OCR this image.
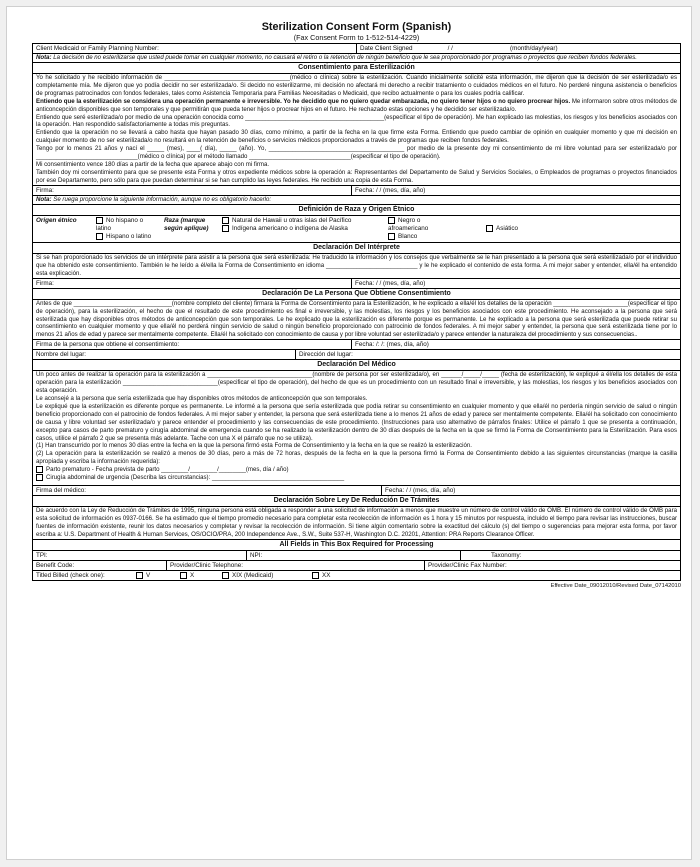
Sterilization Consent Form (Spanish)
(Fax Consent Form to 1-512-514-4229)
Client Medicaid or Family Planning Number:	Date Client Signed	/ /	(month/day/year)
Nota: La decisión de no esterilizarse que usted puede tomar en cualquier momento, no causará el retiro o la retención de ningún beneficio que le sea proporcionado por programas o proyectos que reciben fondos federales.
Consentimiento para Esterilización
Yo he solicitado y he recibido información de _____________________________________(médico o clínica) sobre la esterilización. Cuando inicialmente solicité esta información, me dijeron que la decisión de ser esterilizada/o es completamente mía. Me dijeron que yo podía decidir no ser esterilizada/o. Si decido no esterilizarme, mi decisión no afectará mi derecho a recibir tratamiento o cuidados médicos en el futuro. No perderé ninguna asistencia o beneficios de programas patrocinados con fondos federales, tales como Asistencia Temporaria para Familias Necesitadas o Medicaid, que recibo actualmente o para los cuales podría calificar.
Entiendo que la esterilización se considera una operación permanente e irreversible. Yo he decidido que no quiero quedar embarazada, no quiero tener hijos o no quiero procrear hijos. Me informaron sobre otros métodos de anticoncepción disponibles que son temporales y que permitirán que pueda tener hijos o procrear hijos en el futuro. He rechazado estas opciones y he decidido ser esterilizada/o.
Entiendo que seré esterilizada/o por medio de una operación conocida como _________________________________________(especificar el tipo de operación). Me han explicado las molestias, los riesgos y los beneficios asociados con la operación. Han respondido satisfactoriamente a todas mis preguntas.
Entiendo que la operación no se llevará a cabo hasta que hayan pasado 30 días, como mínimo, a partir de la fecha en la que firme esta Forma. Entiendo que puedo cambiar de opinión en cualquier momento y que mi decisión en cualquier momento de no ser esterilizada/o no resultará en la retención de beneficios o servicios médicos proporcionados a través de programas que reciben fondos federales.
Tengo por lo menos 21 años y nací el _____ (mes), ____( día), _____ (año). Yo, ________________________________________ por medio de la presente doy mi consentimiento de mi libre voluntad para ser esterilizada/o por ______________________________(médico o clínica) por el método llamado ______________________________(especificar el tipo de operación).
Mi consentimiento vence 180 días a partir de la fecha que aparece abajo con mi firma.
También doy mi consentimiento para que se presente esta Forma y otros expediente médicos sobre la operación a: Representantes del Departamento de Salud y Servicios Sociales, o Empleados de programas o proyectos financiados por ese Departamento, pero sólo para que puedan determinar si se han cumplido las leyes federales. He recibido una copia de esta Forma.
Firma:	Fecha: / / (mes, día, año)
Nota: Se ruega proporcione la siguiente información, aunque no es obligatorio hacerlo:
Definición de Raza y Origen Étnico
Origen étnico	No hispano o latino
Hispano o latino
Raza (marque según aplique)
Natural de Hawaii u otras islas del Pacífico
Indígena americano o indígena de Alaska
Negro o afroamericano
Blanco
Asiático
Declaración Del Intérprete
Si se han proporcionado los servicios de un intérprete para asistir a la persona que será esterilizada: He traducido la información y los consejos que verbalmente se le han presentado a la persona que será esterilizada/o por el individuo que ha obtenido este consentimiento. También le he leído a él/ella la Forma de Consentimiento en idioma ___________________________ y le he explicado el contenido de esta forma. A mi mejor saber y entender, ella/él ha entendido esta explicación.
Firma:	Fecha: / / (mes, día, año)
Declaración De La Persona Que Obtiene Consentimiento
Antes de que _____________________________(nombre completo del cliente) firmara la Forma de Consentimiento para la Esterilización, le he explicado a ella/él los detalles de la operación ______________________(especificar el tipo de operación), para la esterilización, el hecho de que el resultado de este procedimiento es final e irreversible, y las molestias, los riesgos y los beneficios asociados con este procedimiento. He aconsejado a la persona que será esterilizada que hay disponibles otros métodos de anticoncepción que son temporales. Le he explicado que la esterilización es diferente porque es permanente. Le he explicado a la persona que será esterilizada que puede retirar su consentimiento en cualquier momento y que ella/él no perderá ningún servicio de salud o ningún beneficio proporcionado con patrocinio de fondos federales. A mi mejor saber y entender, la persona que será esterilizada tiene por lo menos 21 años de edad y parece ser mentalmente competente. Ella/él ha solicitado con conocimiento de causa y por libre voluntad ser esterilizada/o y parece entender la naturaleza del procedimiento y sus consecuencias..
Firma de la persona que obtiene el consentimiento:	Fecha: /: /: (mes, día, año)
Nombre del lugar:	Dirección del lugar:
Declaración Del Médico
Un poco antes de realizar la operación para la esterilización a _______________________________(nombre de persona por ser esterilizada/o), en ______/_____/_____ (fecha de esterilización), le expliqué a él/ella los detalles de esta operación para la esterilización ____________________________(especificar el tipo de operación), del hecho de que es un procedimiento con un resultado final e irreversible, y las molestias, los riesgos y los beneficios asociados con esta operación.
Le aconsejé a la persona que sería esterilizada que hay disponibles otros métodos de anticoncepción que son temporales.
Le expliqué que la esterilización es diferente porque es permanente. Le informé a la persona que sería esterilizada que podía retirar su consentimiento en cualquier momento y que ella/él no perdería ningún servicio de salud o ningún beneficio proporcionado con el patrocinio de fondos federales. A mi mejor saber y entender, la persona que será esterilizada tiene a lo menos 21 años de edad y parece ser mentalmente competente. Ella/él ha solicitado con conocimiento de causa y libre voluntad ser esterilizada/o y parece entender el procedimiento y las consecuencias de este procedimiento. (Instrucciones para uso alternativo de párrafos finales: Utilice el párrafo 1 que se presenta a continuación, excepto para casos de parto prematuro y cirugía abdominal de emergencia cuando se ha realizado la esterilización dentro de 30 días después de la fecha en la que se firmó la Forma de Consentimiento para la Esterilización. Para esos casos, utilice el párrafo 2 que se presenta más adelante. Tache con una X el párrafo que no se utiliza).
(1) Han transcurrido por lo menos 30 días entre la fecha en la que la persona firmó esta Forma de Consentimiento y la fecha en la que se realizó la esterilización.
(2) La operación para la esterilización se realizó a menos de 30 días, pero a más de 72 horas, después de la fecha en la que la persona firmó la Forma de Consentimiento debido a las siguientes circunstancias (marque la casilla apropiada y escriba la información requerida):
Parto prematuro - Fecha prevista de parto ________/________/________(mes, día / año)
Cirugía abdominal de urgencia (Describa las circunstancias): _______________________________________
Firma del médico:	Fecha: / / (mes, día, año)
Declaración Sobre Ley De Reducción De Trámites
De acuerdo con la Ley de Reducción de Trámites de 1995, ninguna persona está obligada a responder a una solicitud de información a menos que muestre un número de control válido de OMB. El número de control válido de OMB para esta solicitud de información es 0937-0166. Se ha estimado que el tiempo promedio necesario para completar esta recolección de información es 1 hora y 15 minutos por respuesta, incluido el tiempo para revisar las instrucciones, buscar fuentes de información existente, reunir los datos necesarios y completar y revisar la recolección de información. Si tiene algún comentario sobre la exactitud del cálculo (s) del tiempo o sugerencias para mejorar esta forma, por favor escriba a: U.S. Department of Health & Human Services, OS/OCIO/PRA, 200 Independence Ave., S.W., Suite 537-H, Washington D.C. 20201, Attention: PRA Reports Clearance Officer.
All Fields in This Box Required for Processing
TPI:	NPI:	Taxonomy:
Benefit Code:	Provider/Clinic Telephone:	Provider/Clinic Fax Number:
Titled Billed (check one):	V	X	XIX (Medicaid)	XX
Effective Date_09012010/Revised Date_07142010
